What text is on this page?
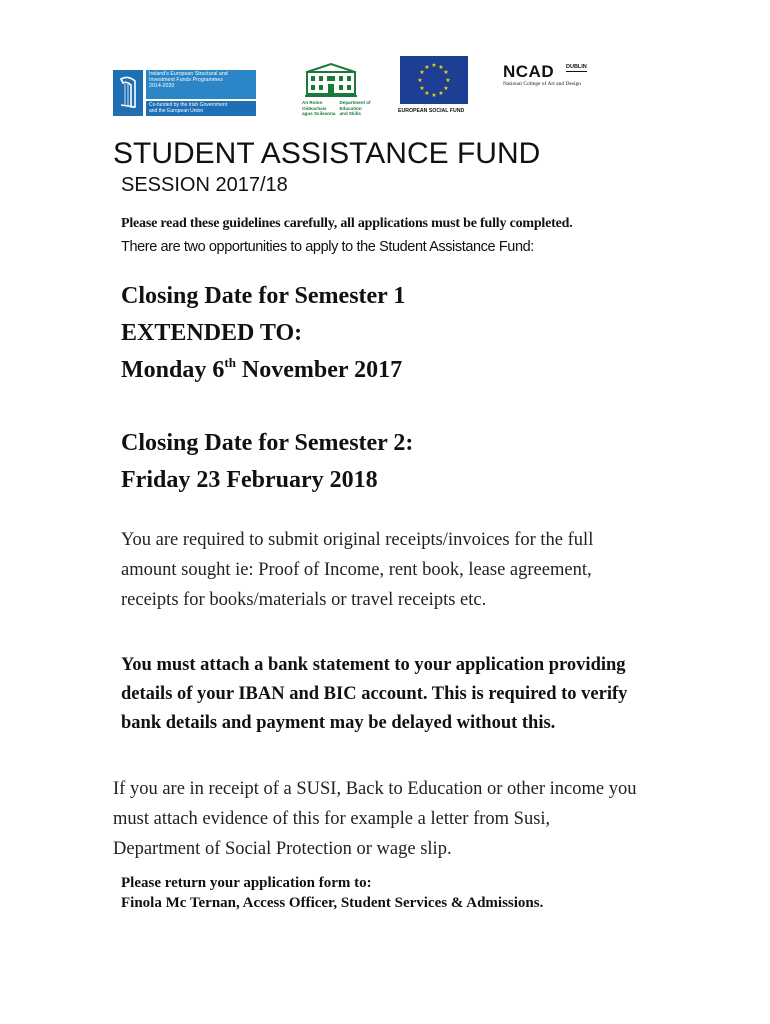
Ireland's European Structural and
Investment Funds Programmes
2014-2020
Co-funded by the Irish Government
and the European Union
An Roinn
Oideachais
agus Scileanna
Department of
Education
and Skills
★ ★
★
★
★
★
★
★
★
★
★
★
EUROPEAN SOCIAL FUND
NCAD DUBLIN
National College of Art and Design
STUDENT ASSISTANCE FUND
SESSION 2017/18
Please read these guidelines carefully, all applications must be fully completed.
There are two opportunities to apply to the Student Assistance Fund:
Closing Date for Semester 1
EXTENDED TO:
Monday 6th November 2017
Closing Date for Semester 2:
Friday 23 February 2018
You are required to submit original receipts/invoices for the full
amount sought ie: Proof of Income, rent book, lease agreement,
receipts for books/materials or travel receipts etc.
You must attach a bank statement to your application providing
details of your IBAN and BIC account. This is required to verify
bank details and payment may be delayed without this.
If you are in receipt of a SUSI, Back to Education or other income you
must attach evidence of this for example a letter from Susi,
Department of Social Protection or wage slip.
Please return your application form to:
Finola Mc Ternan, Access Officer, Student Services & Admissions.
